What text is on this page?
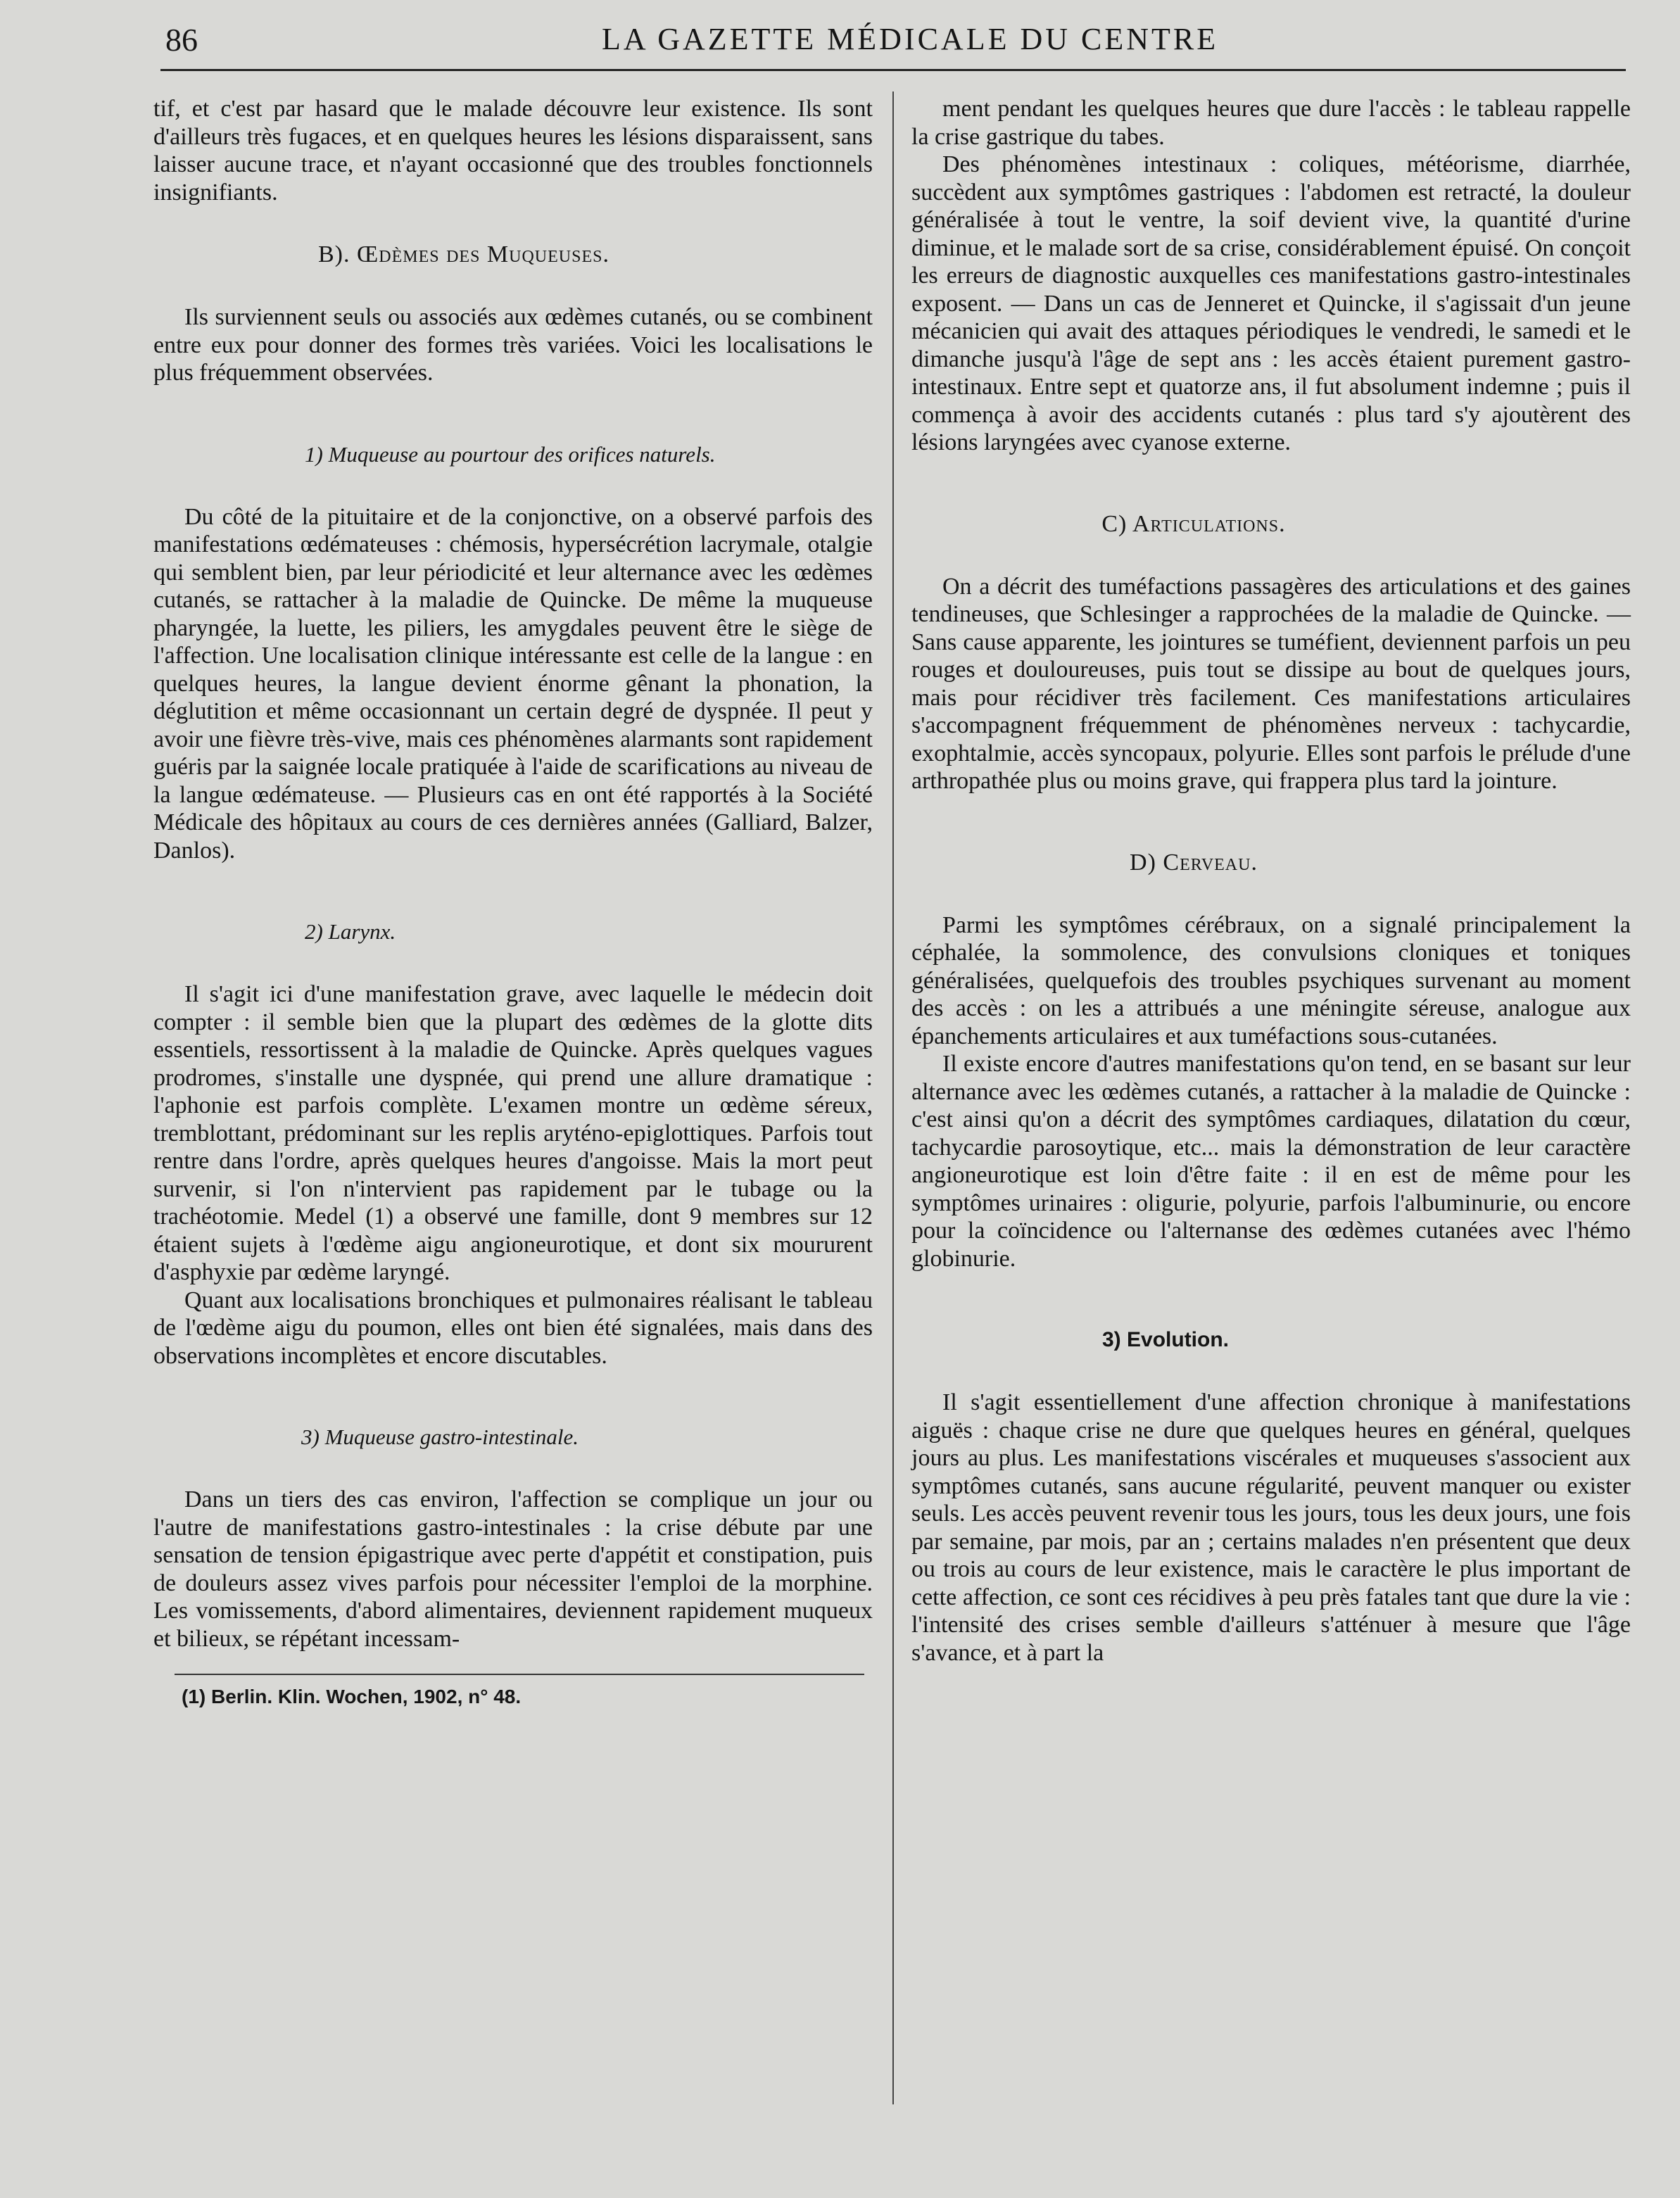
86	LA GAZETTE MÉDICALE DU CENTRE

tif, et c'est par hasard que le malade découvre leur existence. Ils sont d'ailleurs très fugaces, et en quelques heures les lésions disparaissent, sans laisser aucune trace, et n'ayant occasionné que des troubles fonctionnels insignifiants.

B). Œdèmes des Muqueuses.

Ils surviennent seuls ou associés aux œdèmes cutanés, ou se combinent entre eux pour donner des formes très variées. Voici les localisations le plus fréquemment observées.

1) Muqueuse au pourtour des orifices naturels.

Du côté de la pituitaire et de la conjonctive, on a observé parfois des manifestations œdémateuses : chémosis, hypersécrétion lacrymale, otalgie qui semblent bien, par leur périodicité et leur alternance avec les œdèmes cutanés, se rattacher à la maladie de Quincke. De même la muqueuse pharyngée, la luette, les piliers, les amygdales peuvent être le siège de l'affection. Une localisation clinique intéressante est celle de la langue : en quelques heures, la langue devient énorme gênant la phonation, la déglutition et même occasionnant un certain degré de dyspnée. Il peut y avoir une fièvre très-vive, mais ces phénomènes alarmants sont rapidement guéris par la saignée locale pratiquée à l'aide de scarifications au niveau de la langue œdémateuse. — Plusieurs cas en ont été rapportés à la Société Médicale des hôpitaux au cours de ces dernières années (Galliard, Balzer, Danlos).

2) Larynx.

Il s'agit ici d'une manifestation grave, avec laquelle le médecin doit compter : il semble bien que la plupart des œdèmes de la glotte dits essentiels, ressortissent à la maladie de Quincke. Après quelques vagues prodromes, s'installe une dyspnée, qui prend une allure dramatique : l'aphonie est parfois complète. L'examen montre un œdème séreux, tremblottant, prédominant sur les replis aryténo-epiglottiques. Parfois tout rentre dans l'ordre, après quelques heures d'angoisse. Mais la mort peut survenir, si l'on n'intervient pas rapidement par le tubage ou la trachéotomie. Medel (1) a observé une famille, dont 9 membres sur 12 étaient sujets à l'œdème aigu angioneurotique, et dont six moururent d'asphyxie par œdème laryngé.

Quant aux localisations bronchiques et pulmonaires réalisant le tableau de l'œdème aigu du poumon, elles ont bien été signalées, mais dans des observations incomplètes et encore discutables.

3) Muqueuse gastro-intestinale.

Dans un tiers des cas environ, l'affection se complique un jour ou l'autre de manifestations gastro-intestinales : la crise débute par une sensation de tension épigastrique avec perte d'appétit et constipation, puis de douleurs assez vives parfois pour nécessiter l'emploi de la morphine. Les vomissements, d'abord alimentaires, deviennent rapidement muqueux et bilieux, se répétant incessam-

(1) Berlin. Klin. Wochen, 1902, n° 48.

ment pendant les quelques heures que dure l'accès : le tableau rappelle la crise gastrique du tabes.

Des phénomènes intestinaux : coliques, météorisme, diarrhée, succèdent aux symptômes gastriques : l'abdomen est retracté, la douleur généralisée à tout le ventre, la soif devient vive, la quantité d'urine diminue, et le malade sort de sa crise, considérablement épuisé. On conçoit les erreurs de diagnostic auxquelles ces manifestations gastro-intestinales exposent. — Dans un cas de Jenneret et Quincke, il s'agissait d'un jeune mécanicien qui avait des attaques périodiques le vendredi, le samedi et le dimanche jusqu'à l'âge de sept ans : les accès étaient purement gastro-intestinaux. Entre sept et quatorze ans, il fut absolument indemne ; puis il commença à avoir des accidents cutanés : plus tard s'y ajoutèrent des lésions laryngées avec cyanose externe.

C) Articulations.

On a décrit des tuméfactions passagères des articulations et des gaines tendineuses, que Schlesinger a rapprochées de la maladie de Quincke. — Sans cause apparente, les jointures se tuméfient, deviennent parfois un peu rouges et douloureuses, puis tout se dissipe au bout de quelques jours, mais pour récidiver très facilement. Ces manifestations articulaires s'accompagnent fréquemment de phénomènes nerveux : tachycardie, exophtalmie, accès syncopaux, polyurie. Elles sont parfois le prélude d'une arthropathée plus ou moins grave, qui frappera plus tard la jointure.

D) Cerveau.

Parmi les symptômes cérébraux, on a signalé principalement la céphalée, la sommolence, des convulsions cloniques et toniques généralisées, quelquefois des troubles psychiques survenant au moment des accès : on les a attribués a une méningite séreuse, analogue aux épanchements articulaires et aux tuméfactions sous-cutanées.

Il existe encore d'autres manifestations qu'on tend, en se basant sur leur alternance avec les œdèmes cutanés, a rattacher à la maladie de Quincke : c'est ainsi qu'on a décrit des symptômes cardiaques, dilatation du cœur, tachycardie parosoytique, etc... mais la démonstration de leur caractère angioneurotique est loin d'être faite : il en est de même pour les symptômes urinaires : oligurie, polyurie, parfois l'albuminurie, ou encore pour la coïncidence ou l'alternanse des œdèmes cutanées avec l'hémo globinurie.

3) Evolution.

Il s'agit essentiellement d'une affection chronique à manifestations aiguës : chaque crise ne dure que quelques heures en général, quelques jours au plus. Les manifestations viscérales et muqueuses s'associent aux symptômes cutanés, sans aucune régularité, peuvent manquer ou exister seuls. Les accès peuvent revenir tous les jours, tous les deux jours, une fois par semaine, par mois, par an ; certains malades n'en présentent que deux ou trois au cours de leur existence, mais le caractère le plus important de cette affection, ce sont ces récidives à peu près fatales tant que dure la vie : l'intensité des crises semble d'ailleurs s'atténuer à mesure que l'âge s'avance, et à part la
